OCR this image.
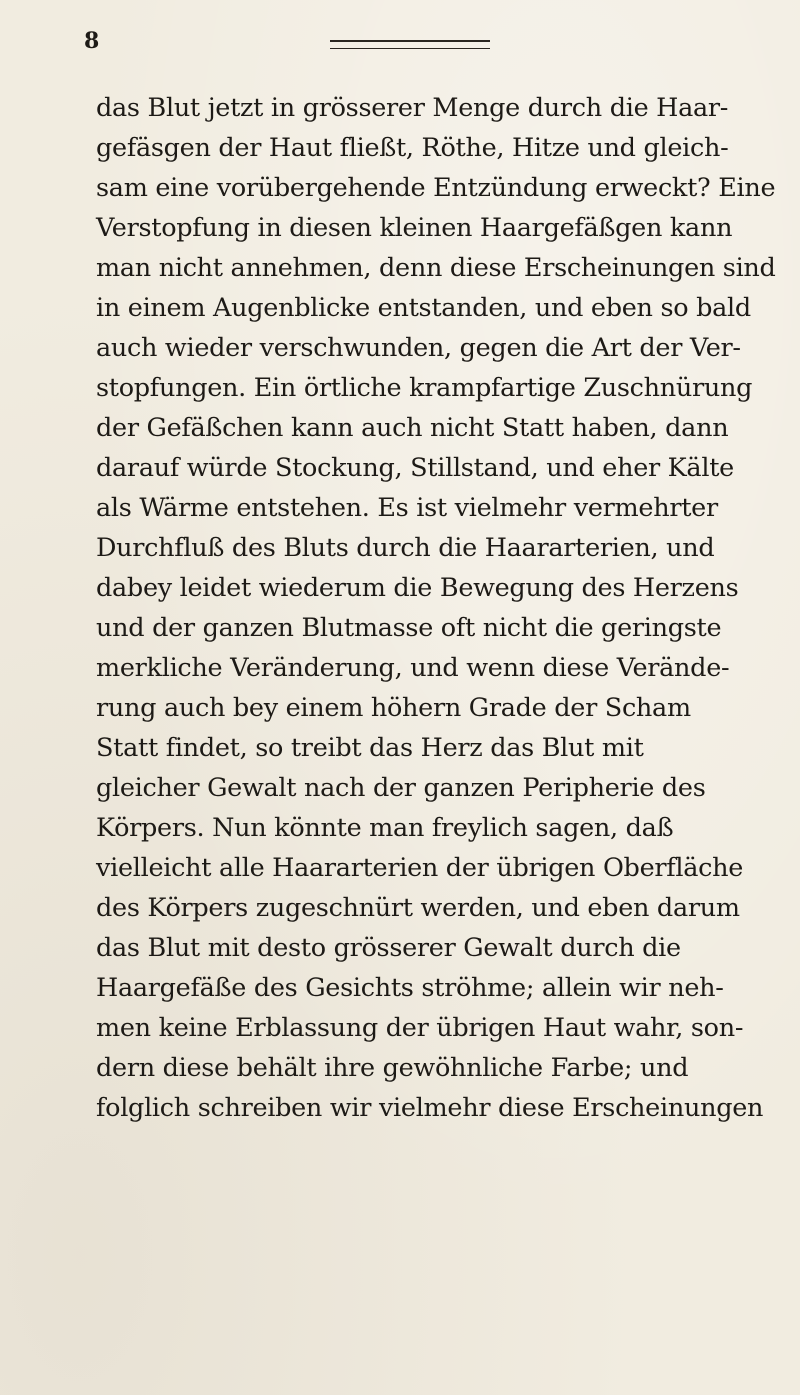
8
das Blut jetzt in grösserer Menge durch die Haar-
gefäsgen der Haut fließt, Röthe, Hitze und gleich-
sam eine vorübergehende Entzündung erweckt? Eine
Verstopfung in diesen kleinen Haargefäßgen kann
man nicht annehmen, denn diese Erscheinungen sind
in einem Augenblicke entstanden, und eben so bald
auch wieder verschwunden, gegen die Art der Ver-
stopfungen. Ein örtliche krampfartige Zuschnürung
der Gefäßchen kann auch nicht Statt haben, dann
darauf würde Stockung, Stillstand, und eher Kälte
als Wärme entstehen. Es ist vielmehr vermehrter
Durchfluß des Bluts durch die Haararterien, und
dabey leidet wiederum die Bewegung des Herzens
und der ganzen Blutmasse oft nicht die geringste
merkliche Veränderung, und wenn diese Verände-
rung auch bey einem höhern Grade der Scham
Statt findet, so treibt das Herz das Blut mit
gleicher Gewalt nach der ganzen Peripherie des
Körpers. Nun könnte man freylich sagen, daß
vielleicht alle Haararterien der übrigen Oberfläche
des Körpers zugeschnürt werden, und eben darum
das Blut mit desto grösserer Gewalt durch die
Haargefäße des Gesichts ströhme; allein wir neh-
men keine Erblassung der übrigen Haut wahr, son-
dern diese behält ihre gewöhnliche Farbe; und
folglich schreiben wir vielmehr diese Erscheinungen
